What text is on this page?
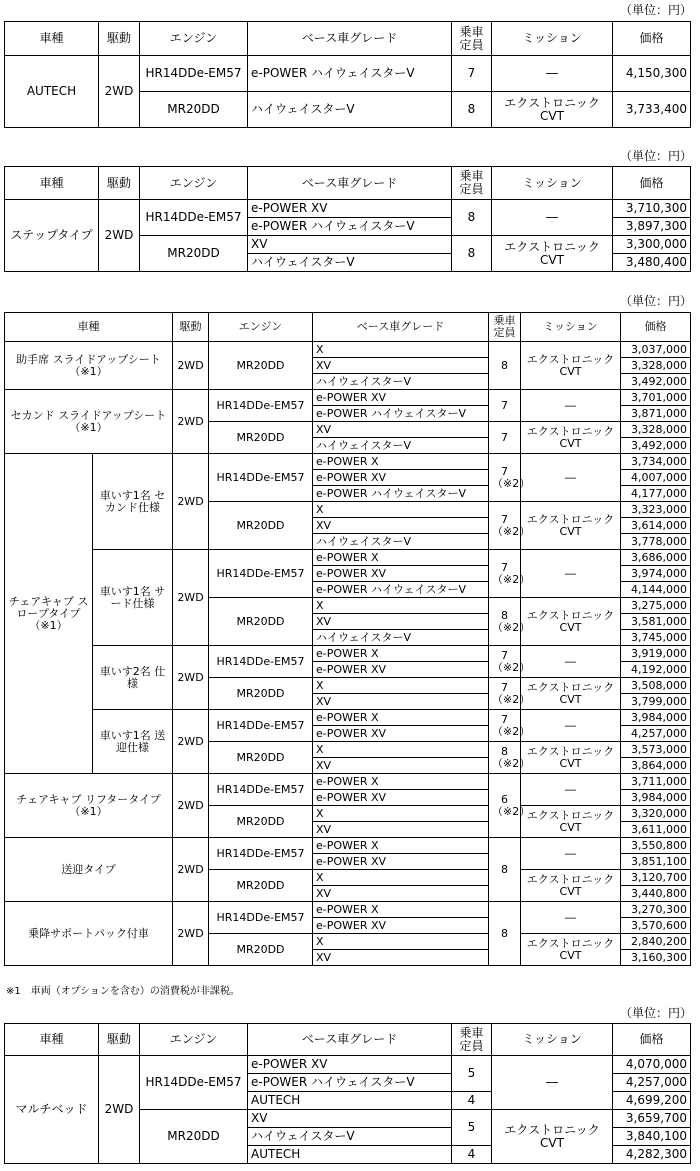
（単位：円）
車種	駆動	エンジン	ベース車グレード	乗車定員	ミッション	価格
AUTECH	2WD	HR14DDe-EM57	e-POWER ハイウェイスターV	7	―	4,150,300
		MR20DD	ハイウェイスターV	8	エクストロニック CVT	3,733,400
（単位：円）
車種	駆動	エンジン	ベース車グレード	乗車定員	ミッション	価格
ステップタイプ	2WD	HR14DDe-EM57	e-POWER XV	8	―	3,710,300
			e-POWER ハイウェイスターV			3,897,300
		MR20DD	XV	8	エクストロニック CVT	3,300,000
			ハイウェイスターV			3,480,400
（単位：円）
車種		駆動	エンジン	ベース車グレード	乗車定員	ミッション	価格
助手席 スライドアップシート （※1）		2WD	MR20DD	X	8	エクストロニック CVT	3,037,000
				XV			3,328,000
				ハイウェイスターV			3,492,000
セカンド スライドアップシート （※1）		2WD	HR14DDe-EM57	e-POWER XV	7	―	3,701,000
				e-POWER ハイウェイスターV			3,871,000
			MR20DD	XV	7	エクストロニック CVT	3,328,000
				ハイウェイスターV			3,492,000
チェアキャブ スロープタイプ （※1）	車いす1名 セカンド仕様	2WD	HR14DDe-EM57	e-POWER X	7 （※2）	―	3,734,000
				e-POWER XV			4,007,000
				e-POWER ハイウェイスターV			4,177,000
			MR20DD	X	7 （※2）	エクストロニック CVT	3,323,000
				XV			3,614,000
				ハイウェイスターV			3,778,000
	車いす1名 サード仕様	2WD	HR14DDe-EM57	e-POWER X	7 （※2）	―	3,686,000
				e-POWER XV			3,974,000
				e-POWER ハイウェイスターV			4,144,000
			MR20DD	X	8 （※2）	エクストロニック CVT	3,275,000
				XV			3,581,000
				ハイウェイスターV			3,745,000
	車いす2名 仕様	2WD	HR14DDe-EM57	e-POWER X	7 （※2）	―	3,919,000
				e-POWER XV			4,192,000
			MR20DD	X	7 （※2）	エクストロニック CVT	3,508,000
				XV			3,799,000
	車いす1名 送迎仕様	2WD	HR14DDe-EM57	e-POWER X	7 （※2）	―	3,984,000
				e-POWER XV			4,257,000
			MR20DD	X	8 （※2）	エクストロニック CVT	3,573,000
				XV			3,864,000
チェアキャブ リフタータイプ （※1）		2WD	HR14DDe-EM57	e-POWER X	6 （※2）	―	3,711,000
				e-POWER XV			3,984,000
			MR20DD	X		エクストロニック CVT	3,320,000
				XV			3,611,000
送迎タイプ		2WD	HR14DDe-EM57	e-POWER X	8	―	3,550,800
				e-POWER XV			3,851,100
			MR20DD	X		エクストロニック CVT	3,120,700
				XV			3,440,800
乗降サポートパック付車		2WD	HR14DDe-EM57	e-POWER X	8	―	3,270,300
				e-POWER XV			3,570,600
			MR20DD	X		エクストロニック CVT	2,840,200
				XV			3,160,300
※1　車両（オプションを含む）の消費税が非課税。
（単位：円）
車種	駆動	エンジン	ベース車グレード	乗車定員	ミッション	価格
マルチベッド	2WD	HR14DDe-EM57	e-POWER XV	5	―	4,070,000
			e-POWER ハイウェイスターV			4,257,000
			AUTECH	4		4,699,200
		MR20DD	XV	5	エクストロニック CVT	3,659,700
			ハイウェイスターV			3,840,100
			AUTECH	4		4,282,300
